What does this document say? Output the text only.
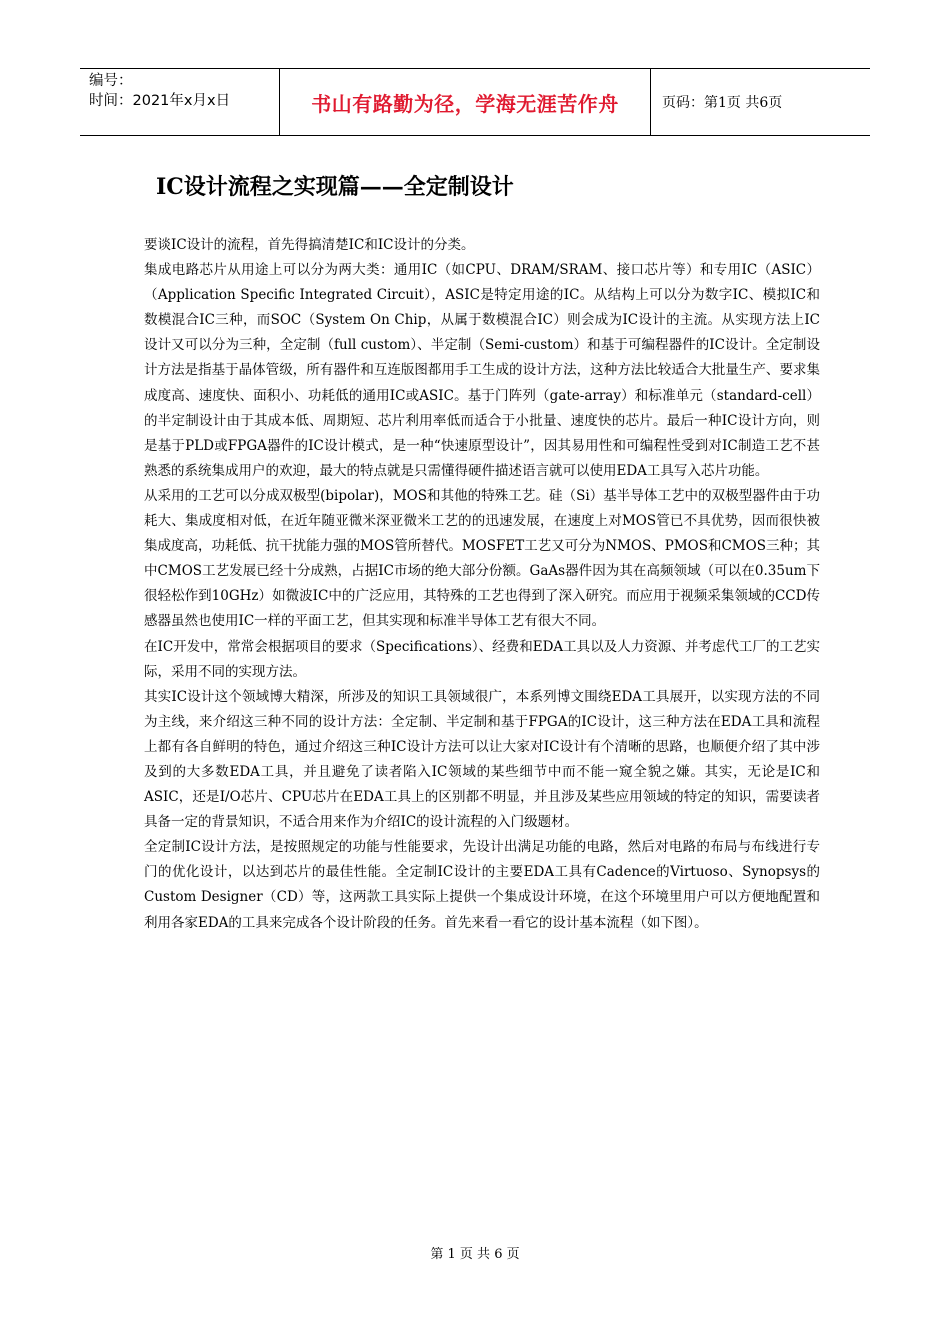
编号：
时间：2021年x月x日	书山有路勤为径，学海无涯苦作舟	页码：第1页 共6页
IC设计流程之实现篇——全定制设计

要谈IC设计的流程，首先得搞清楚IC和IC设计的分类。

集成电路芯片从用途上可以分为两大类：通用IC（如CPU、DRAM/SRAM、接口芯片等）和专用IC（ASIC）（Application Specific Integrated Circuit），ASIC是特定用途的IC。从结构上可以分为数字IC、模拟IC和数模混合IC三种，而SOC（System On Chip，从属于数模混合IC）则会成为IC设计的主流。从实现方法上IC设计又可以分为三种，全定制（full custom）、半定制（Semi-custom）和基于可编程器件的IC设计。全定制设计方法是指基于晶体管级，所有器件和互连版图都用手工生成的设计方法，这种方法比较适合大批量生产、要求集成度高、速度快、面积小、功耗低的通用IC或ASIC。基于门阵列（gate-array）和标准单元（standard-cell）的半定制设计由于其成本低、周期短、芯片利用率低而适合于小批量、速度快的芯片。最后一种IC设计方向，则是基于PLD或FPGA器件的IC设计模式，是一种“快速原型设计”，因其易用性和可编程性受到对IC制造工艺不甚熟悉的系统集成用户的欢迎，最大的特点就是只需懂得硬件描述语言就可以使用EDA工具写入芯片功能。

从采用的工艺可以分成双极型(bipolar)，MOS和其他的特殊工艺。硅（Si）基半导体工艺中的双极型器件由于功耗大、集成度相对低，在近年随亚微米深亚微米工艺的的迅速发展，在速度上对MOS管已不具优势，因而很快被集成度高，功耗低、抗干扰能力强的MOS管所替代。MOSFET工艺又可分为NMOS、PMOS和CMOS三种；其中CMOS工艺发展已经十分成熟，占据IC市场的绝大部分份额。GaAs器件因为其在高频领域（可以在0.35um下很轻松作到10GHz）如微波IC中的广泛应用，其特殊的工艺也得到了深入研究。而应用于视频采集领域的CCD传感器虽然也使用IC一样的平面工艺，但其实现和标准半导体工艺有很大不同。

在IC开发中，常常会根据项目的要求（Specifications）、经费和EDA工具以及人力资源、并考虑代工厂的工艺实际，采用不同的实现方法。

其实IC设计这个领域博大精深，所涉及的知识工具领域很广，本系列博文围绕EDA工具展开，以实现方法的不同为主线，来介绍这三种不同的设计方法：全定制、半定制和基于FPGA的IC设计，这三种方法在EDA工具和流程上都有各自鲜明的特色，通过介绍这三种IC设计方法可以让大家对IC设计有个清晰的思路，也顺便介绍了其中涉及到的大多数EDA工具，并且避免了读者陷入IC领域的某些细节中而不能一窥全貌之嫌。其实，无论是IC和ASIC，还是I/O芯片、CPU芯片在EDA工具上的区别都不明显，并且涉及某些应用领域的特定的知识，需要读者具备一定的背景知识，不适合用来作为介绍IC的设计流程的入门级题材。

全定制IC设计方法，是按照规定的功能与性能要求，先设计出满足功能的电路，然后对电路的布局与布线进行专门的优化设计，以达到芯片的最佳性能。全定制IC设计的主要EDA工具有Cadence的Virtuoso、Synopsys的Custom Designer（CD）等，这两款工具实际上提供一个集成设计环境，在这个环境里用户可以方便地配置和利用各家EDA的工具来完成各个设计阶段的任务。首先来看一看它的设计基本流程（如下图）。

第 1 页 共 6 页
